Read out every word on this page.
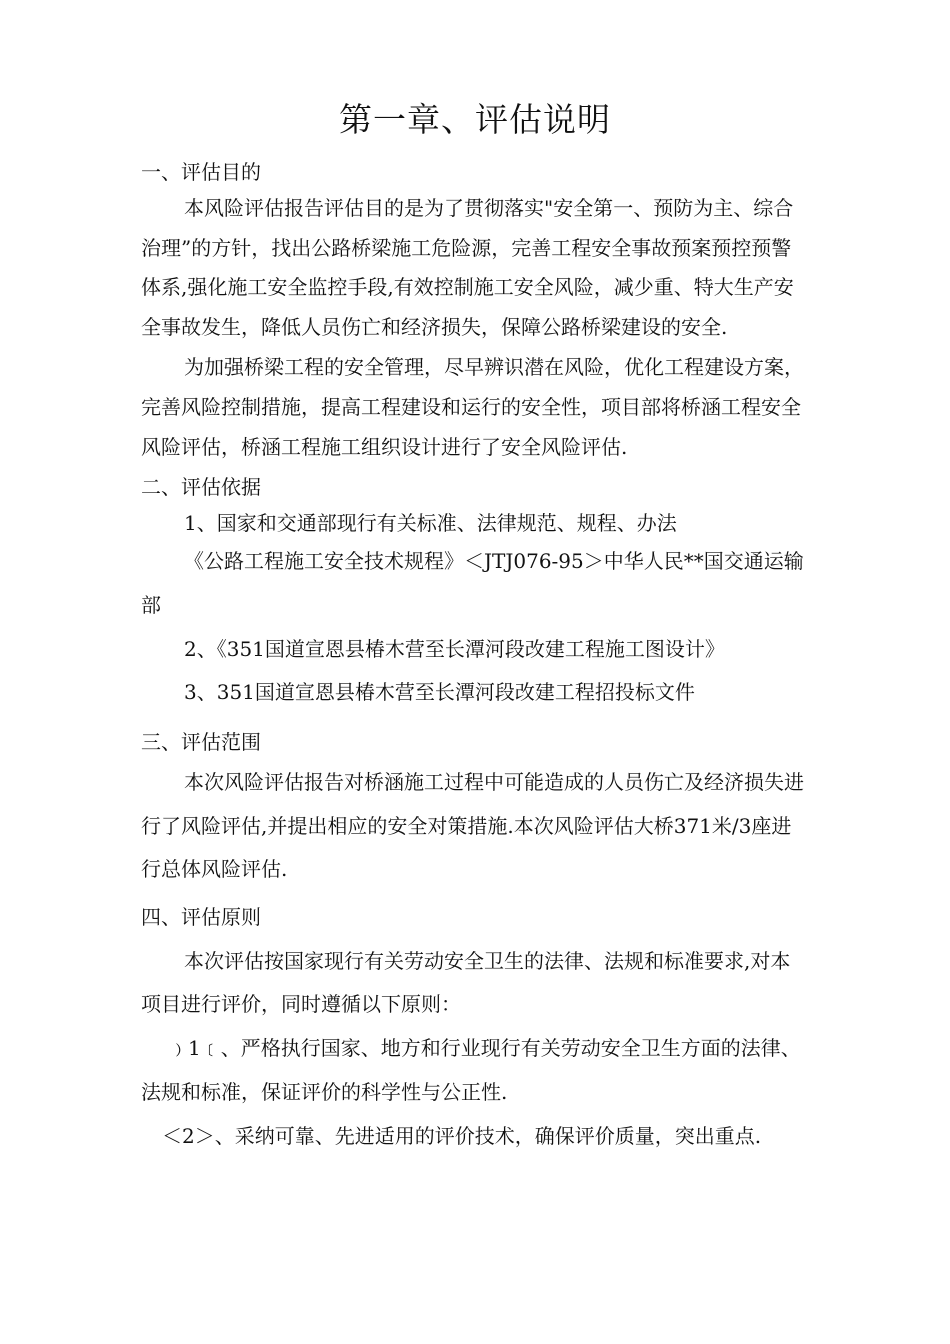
第一章、评估说明
一、评估目的
本风险评估报告评估目的是为了贯彻落实"安全第一、预防为主、综合
治理”的方针，找出公路桥梁施工危险源，完善工程安全事故预案预控预警
体系,强化施工安全监控手段,有效控制施工安全风险，减少重、特大生产安
全事故发生，降低人员伤亡和经济损失，保障公路桥梁建设的安全.
为加强桥梁工程的安全管理，尽早辨识潜在风险，优化工程建设方案，
完善风险控制措施，提高工程建设和运行的安全性，项目部将桥涵工程安全
风险评估，桥涵工程施工组织设计进行了安全风险评估.
二、评估依据
1、国家和交通部现行有关标准、法律规范、规程、办法
《公路工程施工安全技术规程》＜JTJ076-95＞中华人民**国交通运输
部
2、《351国道宣恩县椿木营至长潭河段改建工程施工图设计》
3、351国道宣恩县椿木营至长潭河段改建工程招投标文件
三、评估范围
本次风险评估报告对桥涵施工过程中可能造成的人员伤亡及经济损失进
行了风险评估,并提出相应的安全对策措施.本次风险评估大桥371米/3座进
行总体风险评估.
四、评估原则
本次评估按国家现行有关劳动安全卫生的法律、法规和标准要求,对本
项目进行评价，同时遵循以下原则：
﹚1﹝、严格执行国家、地方和行业现行有关劳动安全卫生方面的法律、
法规和标准，保证评价的科学性与公正性.
＜2＞、采纳可靠、先进适用的评价技术，确保评价质量，突出重点.
